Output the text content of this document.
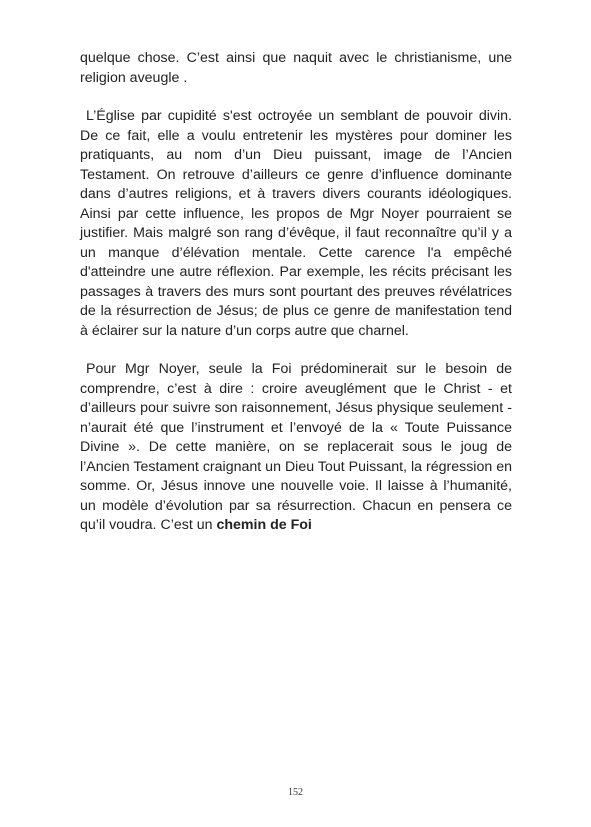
quelque chose. C’est ainsi que naquit avec le christianisme, une religion aveugle .

L’Église par cupidité s'est octroyée un semblant de pouvoir divin. De ce fait, elle a voulu entretenir les mystères pour dominer les pratiquants, au nom d’un Dieu puissant, image de l’Ancien Testament. On retrouve d’ailleurs ce genre d’influence dominante dans d’autres religions, et à travers divers courants idéologiques. Ainsi par cette influence, les propos de Mgr Noyer pourraient se justifier. Mais malgré son rang d’évêque, il faut reconnaître qu’il y a un manque d’élévation mentale. Cette carence l'a empêché d'atteindre une autre réflexion. Par exemple, les récits précisant les passages à travers des murs sont pourtant des preuves révélatrices de la résurrection de Jésus; de plus ce genre de manifestation tend à éclairer sur la nature d’un corps autre que charnel.

Pour Mgr Noyer, seule la Foi prédominerait sur le besoin de comprendre, c’est à dire : croire aveuglément que le Christ - et d’ailleurs pour suivre son raisonnement, Jésus physique seulement - n’aurait été que l’instrument et l’envoyé de la « Toute Puissance Divine ». De cette manière, on se replacerait sous le joug de l’Ancien Testament craignant un Dieu Tout Puissant, la régression en somme. Or, Jésus innove une nouvelle voie. Il laisse à l’humanité, un modèle d’évolution par sa résurrection. Chacun en pensera ce qu’il voudra. C’est un chemin de Foi

152
